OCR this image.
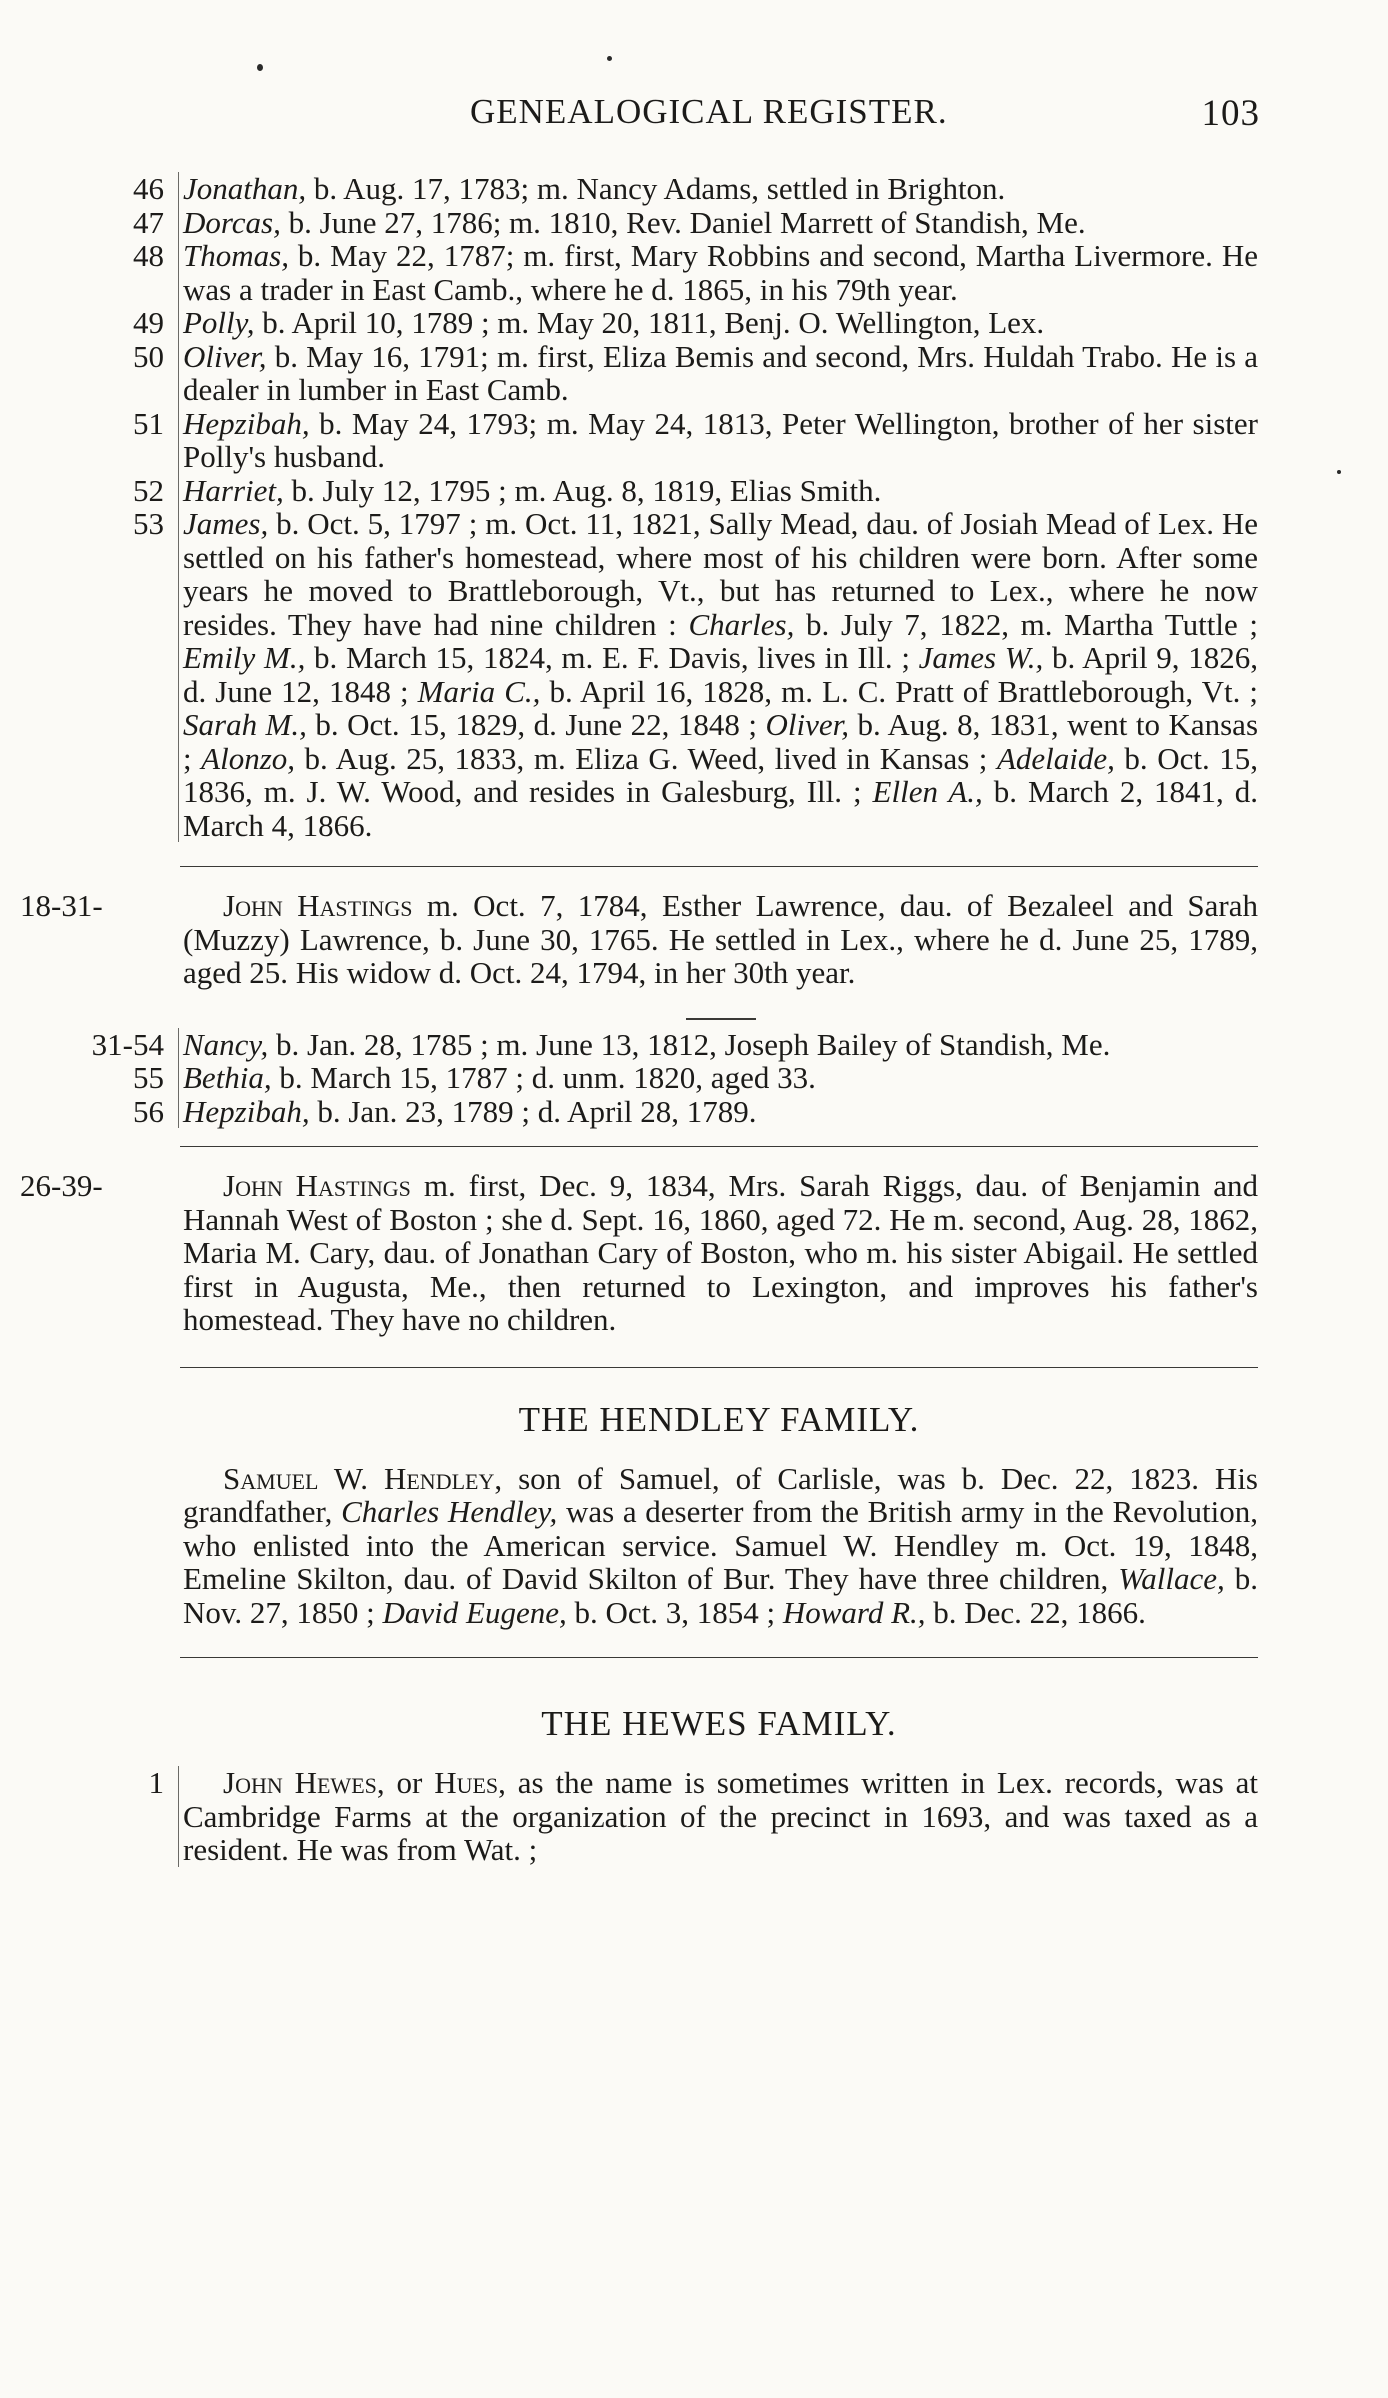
GENEALOGICAL REGISTER.	103
46 Jonathan, b. Aug. 17, 1783; m. Nancy Adams, settled in Brighton.
47 Dorcas, b. June 27, 1786; m. 1810, Rev. Daniel Marrett of Standish, Me.
48 Thomas, b. May 22, 1787; m. first, Mary Robbins and second, Martha Livermore. He was a trader in East Camb., where he d. 1865, in his 79th year.
49 Polly, b. April 10, 1789 ; m. May 20, 1811, Benj. O. Wellington, Lex.
50 Oliver, b. May 16, 1791; m. first, Eliza Bemis and second, Mrs. Huldah Trabo. He is a dealer in lumber in East Camb.
51 Hepzibah, b. May 24, 1793; m. May 24, 1813, Peter Wellington, brother of her sister Polly's husband.
52 Harriet, b. July 12, 1795 ; m. Aug. 8, 1819, Elias Smith.
53 James, b. Oct. 5, 1797 ; m. Oct. 11, 1821, Sally Mead, dau. of Josiah Mead of Lex. He settled on his father's homestead, where most of his children were born. After some years he moved to Brattleborough, Vt., but has returned to Lex., where he now resides. They have had nine children : Charles, b. July 7, 1822, m. Martha Tuttle ; Emily M., b. March 15, 1824, m. E. F. Davis, lives in Ill. ; James W., b. April 9, 1826, d. June 12, 1848 ; Maria C., b. April 16, 1828, m. L. C. Pratt of Brattleborough, Vt. ; Sarah M., b. Oct. 15, 1829, d. June 22, 1848 ; Oliver, b. Aug. 8, 1831, went to Kansas ; Alonzo, b. Aug. 25, 1833, m. Eliza G. Weed, lived in Kansas ; Adelaide, b. Oct. 15, 1836, m. J. W. Wood, and resides in Galesburg, Ill. ; Ellen A., b. March 2, 1841, d. March 4, 1866.
18-31-	John Hastings m. Oct. 7, 1784, Esther Lawrence, dau. of Bezaleel and Sarah (Muzzy) Lawrence, b. June 30, 1765. He settled in Lex., where he d. June 25, 1789, aged 25. His widow d. Oct. 24, 1794, in her 30th year.
31-54 Nancy, b. Jan. 28, 1785 ; m. June 13, 1812, Joseph Bailey of Standish, Me.
55 Bethia, b. March 15, 1787 ; d. unm. 1820, aged 33.
56 Hepzibah, b. Jan. 23, 1789 ; d. April 28, 1789.
26-39-	John Hastings m. first, Dec. 9, 1834, Mrs. Sarah Riggs, dau. of Benjamin and Hannah West of Boston ; she d. Sept. 16, 1860, aged 72. He m. second, Aug. 28, 1862, Maria M. Cary, dau. of Jonathan Cary of Boston, who m. his sister Abigail. He settled first in Augusta, Me., then returned to Lexington, and improves his father's homestead. They have no children.
THE HENDLEY FAMILY.
Samuel W. Hendley, son of Samuel, of Carlisle, was b. Dec. 22, 1823. His grandfather, Charles Hendley, was a deserter from the British army in the Revolution, who enlisted into the American service. Samuel W. Hendley m. Oct. 19, 1848, Emeline Skilton, dau. of David Skilton of Bur. They have three children, Wallace, b. Nov. 27, 1850 ; David Eugene, b. Oct. 3, 1854 ; Howard R., b. Dec. 22, 1866.
THE HEWES FAMILY.
1	John Hewes, or Hues, as the name is sometimes written in Lex. records, was at Cambridge Farms at the organization of the precinct in 1693, and was taxed as a resident. He was from Wat. ;
